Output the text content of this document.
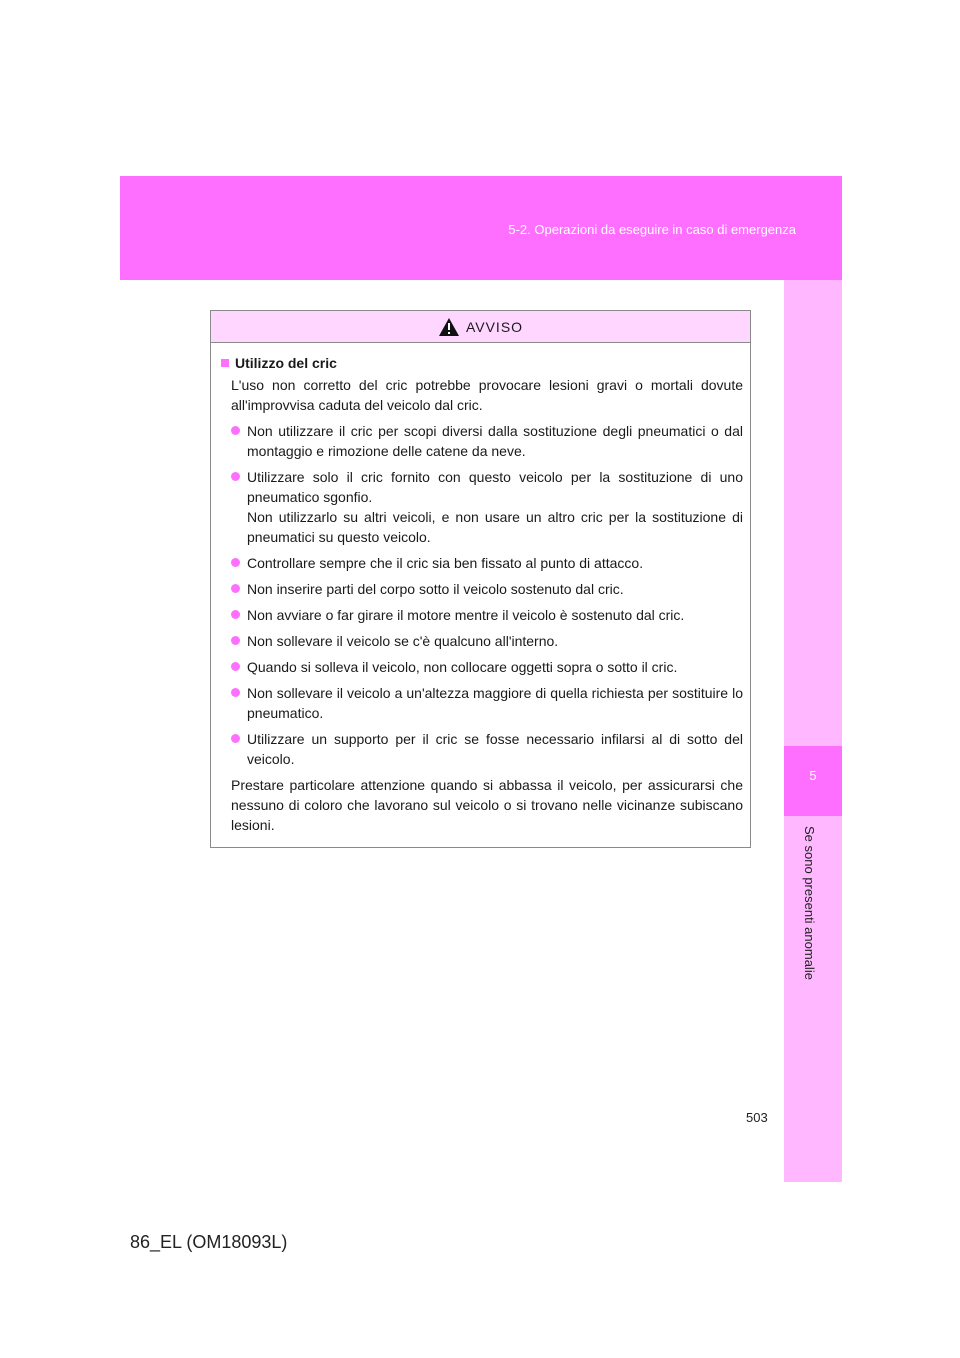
5-2. Operazioni da eseguire in caso di emergenza
5
Se sono presenti anomalie
AVVISO
Utilizzo del cric
L'uso non corretto del cric potrebbe provocare lesioni gravi o mortali dovute all'improvvisa caduta del veicolo dal cric.
Non utilizzare il cric per scopi diversi dalla sostituzione degli pneumatici o dal montaggio e rimozione delle catene da neve.
Utilizzare solo il cric fornito con questo veicolo per la sostituzione di uno pneumatico sgonfio.
Non utilizzarlo su altri veicoli, e non usare un altro cric per la sostituzione di pneumatici su questo veicolo.
Controllare sempre che il cric sia ben fissato al punto di attacco.
Non inserire parti del corpo sotto il veicolo sostenuto dal cric.
Non avviare o far girare il motore mentre il veicolo è sostenuto dal cric.
Non sollevare il veicolo se c'è qualcuno all'interno.
Quando si solleva il veicolo, non collocare oggetti sopra o sotto il cric.
Non sollevare il veicolo a un'altezza maggiore di quella richiesta per sostituire lo pneumatico.
Utilizzare un supporto per il cric se fosse necessario infilarsi al di sotto del veicolo.
Prestare particolare attenzione quando si abbassa il veicolo, per assicurarsi che nessuno di coloro che lavorano sul veicolo o si trovano nelle vicinanze subiscano lesioni.
503
86_EL (OM18093L)
